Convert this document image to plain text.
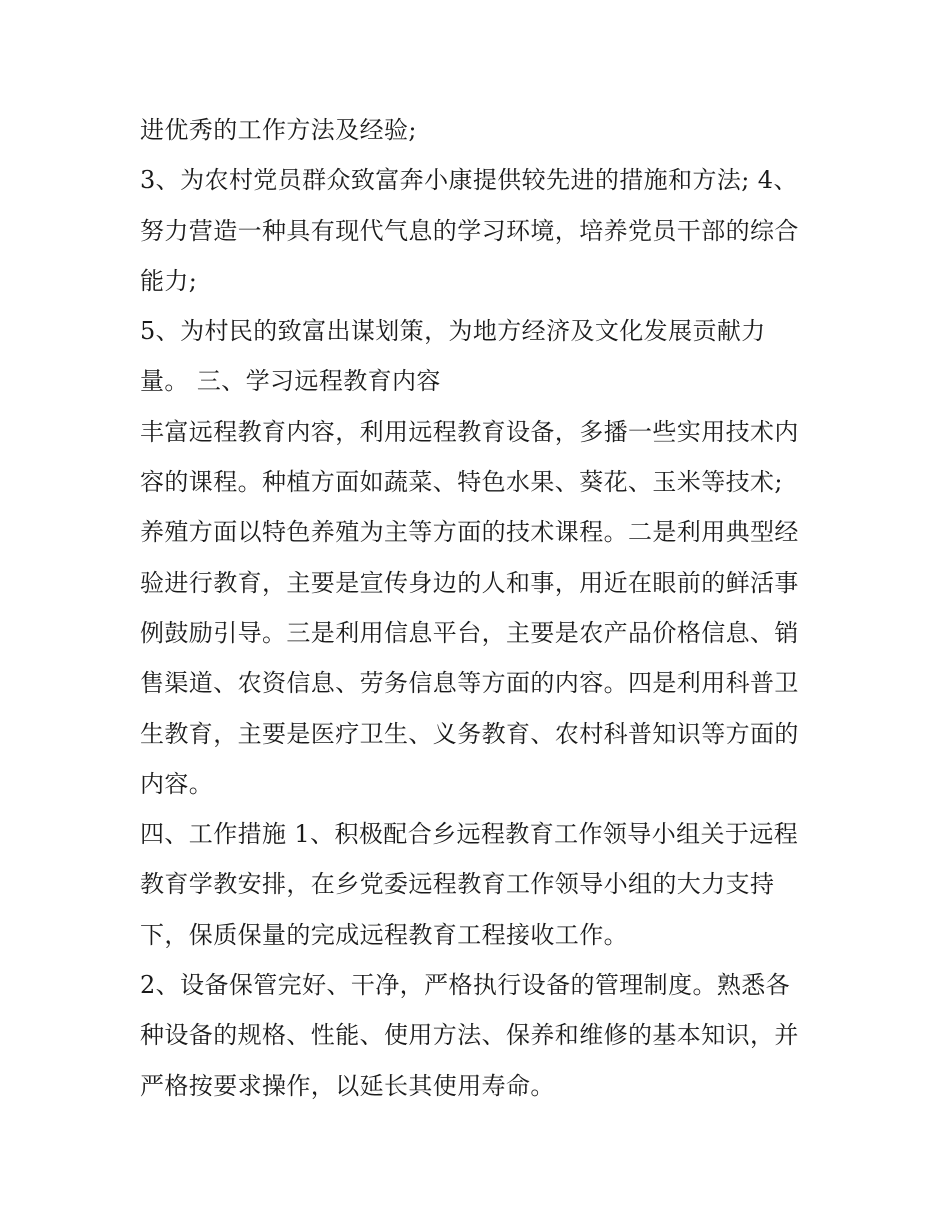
进优秀的工作方法及经验;
3、为农村党员群众致富奔小康提供较先进的措施和方法; 4、
努力营造一种具有现代气息的学习环境，培养党员干部的综合
能力;
5、为村民的致富出谋划策，为地方经济及文化发展贡献力
量。 三、学习远程教育内容
丰富远程教育内容，利用远程教育设备，多播一些实用技术内
容的课程。种植方面如蔬菜、特色水果、葵花、玉米等技术;
养殖方面以特色养殖为主等方面的技术课程。二是利用典型经
验进行教育，主要是宣传身边的人和事，用近在眼前的鲜活事
例鼓励引导。三是利用信息平台，主要是农产品价格信息、销
售渠道、农资信息、劳务信息等方面的内容。四是利用科普卫
生教育，主要是医疗卫生、义务教育、农村科普知识等方面的
内容。
四、工作措施 1、积极配合乡远程教育工作领导小组关于远程
教育学教安排，在乡党委远程教育工作领导小组的大力支持
下，保质保量的完成远程教育工程接收工作。
2、设备保管完好、干净，严格执行设备的管理制度。熟悉各
种设备的规格、性能、使用方法、保养和维修的基本知识，并
严格按要求操作，以延长其使用寿命。
